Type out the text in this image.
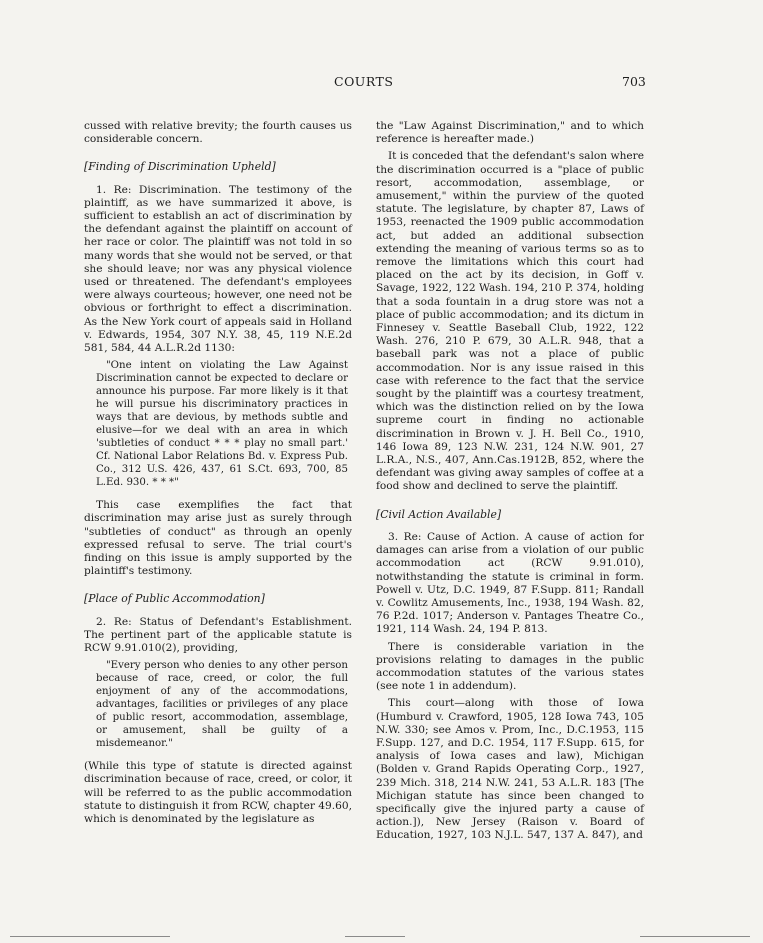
COURTS	703

cussed with relative brevity; the fourth causes us considerable concern.

[Finding of Discrimination Upheld]

1. Re: Discrimination. The testimony of the plaintiff, as we have summarized it above, is sufficient to establish an act of discrimination by the defendant against the plaintiff on account of her race or color. The plaintiff was not told in so many words that she would not be served, or that she should leave; nor was any physical violence used or threatened. The defendant's employees were always courteous; however, one need not be obvious or forthright to effect a discrimination. As the New York court of appeals said in Holland v. Edwards, 1954, 307 N.Y. 38, 45, 119 N.E.2d 581, 584, 44 A.L.R.2d 1130:

"One intent on violating the Law Against Discrimination cannot be expected to declare or announce his purpose. Far more likely is it that he will pursue his discriminatory practices in ways that are devious, by methods subtle and elusive—for we deal with an area in which 'subtleties of conduct * * * play no small part.' Cf. National Labor Relations Bd. v. Express Pub. Co., 312 U.S. 426, 437, 61 S.Ct. 693, 700, 85 L.Ed. 930. * * *"

This case exemplifies the fact that discrimination may arise just as surely through "subtleties of conduct" as through an openly expressed refusal to serve. The trial court's finding on this issue is amply supported by the plaintiff's testimony.

[Place of Public Accommodation]

2. Re: Status of Defendant's Establishment. The pertinent part of the applicable statute is RCW 9.91.010(2), providing,

"Every person who denies to any other person because of race, creed, or color, the full enjoyment of any of the accommodations, advantages, facilities or privileges of any place of public resort, accommodation, assemblage, or amusement, shall be guilty of a misdemeanor."

(While this type of statute is directed against discrimination because of race, creed, or color, it will be referred to as the public accommodation statute to distinguish it from RCW, chapter 49.60, which is denominated by the legislature as

the "Law Against Discrimination," and to which reference is hereafter made.)

It is conceded that the defendant's salon where the discrimination occurred is a "place of public resort, accommodation, assemblage, or amusement," within the purview of the quoted statute. The legislature, by chapter 87, Laws of 1953, reenacted the 1909 public accommodation act, but added an additional subsection extending the meaning of various terms so as to remove the limitations which this court had placed on the act by its decision, in Goff v. Savage, 1922, 122 Wash. 194, 210 P. 374, holding that a soda fountain in a drug store was not a place of public accommodation; and its dictum in Finnesey v. Seattle Baseball Club, 1922, 122 Wash. 276, 210 P. 679, 30 A.L.R. 948, that a baseball park was not a place of public accommodation. Nor is any issue raised in this case with reference to the fact that the service sought by the plaintiff was a courtesy treatment, which was the distinction relied on by the Iowa supreme court in finding no actionable discrimination in Brown v. J. H. Bell Co., 1910, 146 Iowa 89, 123 N.W. 231, 124 N.W. 901, 27 L.R.A., N.S., 407, Ann.Cas.1912B, 852, where the defendant was giving away samples of coffee at a food show and declined to serve the plaintiff.

[Civil Action Available]

3. Re: Cause of Action. A cause of action for damages can arise from a violation of our public accommodation act (RCW 9.91.010), notwithstanding the statute is criminal in form. Powell v. Utz, D.C. 1949, 87 F.Supp. 811; Randall v. Cowlitz Amusements, Inc., 1938, 194 Wash. 82, 76 P.2d. 1017; Anderson v. Pantages Theatre Co., 1921, 114 Wash. 24, 194 P. 813.

There is considerable variation in the provisions relating to damages in the public accommodation statutes of the various states (see note 1 in addendum).

This court—along with those of Iowa (Humburd v. Crawford, 1905, 128 Iowa 743, 105 N.W. 330; see Amos v. Prom, Inc., D.C.1953, 115 F.Supp. 127, and D.C. 1954, 117 F.Supp. 615, for analysis of Iowa cases and law), Michigan (Bolden v. Grand Rapids Operating Corp., 1927, 239 Mich. 318, 214 N.W. 241, 53 A.L.R. 183 [The Michigan statute has since been changed to specifically give the injured party a cause of action.]), New Jersey (Raison v. Board of Education, 1927, 103 N.J.L. 547, 137 A. 847), and
